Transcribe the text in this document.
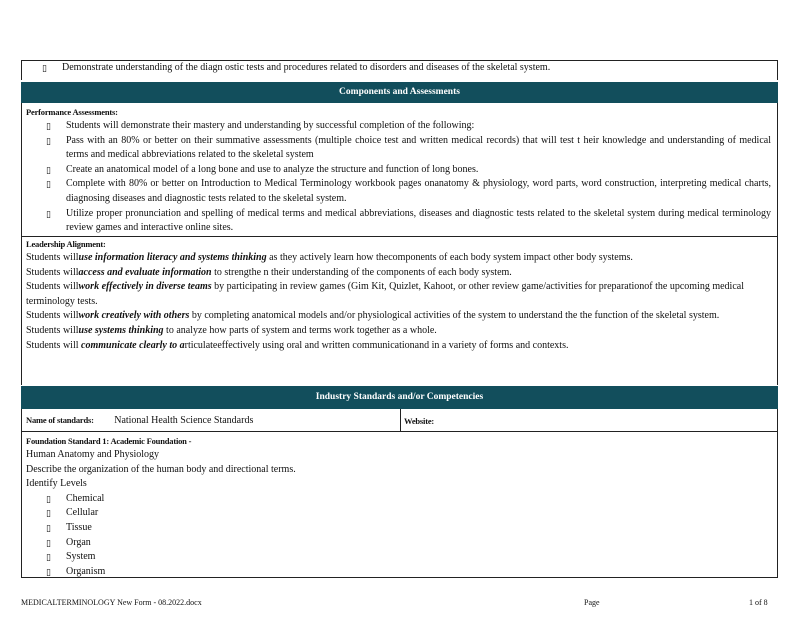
▯ Demonstrate understanding of the diagn ostic tests and procedures related to disorders and diseases of the skeletal system.
Components and Assessments
Performance Assessments:
▯ Students will demonstrate their mastery and understanding by successful completion of the following:
▯ Pass with an 80% or better on their summative assessments (multiple choice test and written medical records) that will test t heir knowledge and understanding of medical terms and medical abbreviations related to the skeletal system
▯ Create an anatomical model of a long bone and use to analyze the structure and function of long bones.
▯ Complete with 80% or better on Introduction to Medical Terminology workbook pages onanatomy & physiology, word parts, word construction, interpreting medical charts, diagnosing diseases and diagnostic tests related to the skeletal system.
▯ Utilize proper pronunciation and spelling of medical terms and medical abbreviations, diseases and diagnostic tests related to the skeletal system during medical terminology review games and interactive online sites.
Leadership Alignment:
Students willuse information literacy and systems thinking as they actively learn how thecomponents of each body system impact other body systems.
Students willaccess and evaluate information to strengthe n their understanding of the components of each body system.
Students willwork effectively in diverse teams by participating in review games (Gim Kit, Quizlet, Kahoot, or other review game/activities for preparationof the upcoming medical terminology tests.
Students willwork creatively with others by completing anatomical models and/or physiological activities of the system to understand the the function of the skeletal system.
Students willuse systems thinking to analyze how parts of system and terms work together as a whole.
Students will communicate clearly to articulateeffectively using oral and written communicationand in a variety of forms and contexts.
Industry Standards and/or Competencies
Name of standards: National Health Science Standards	Website:
Foundation Standard 1: Academic Foundation -
Human Anatomy and Physiology
Describe the organization of the human body and directional terms.
Identify Levels
▯ Chemical
▯ Cellular
▯ Tissue
▯ Organ
▯ System
▯ Organism
MEDICALTERMINOLOGY New Form - 08.2022.docx	Page	1 of 8
